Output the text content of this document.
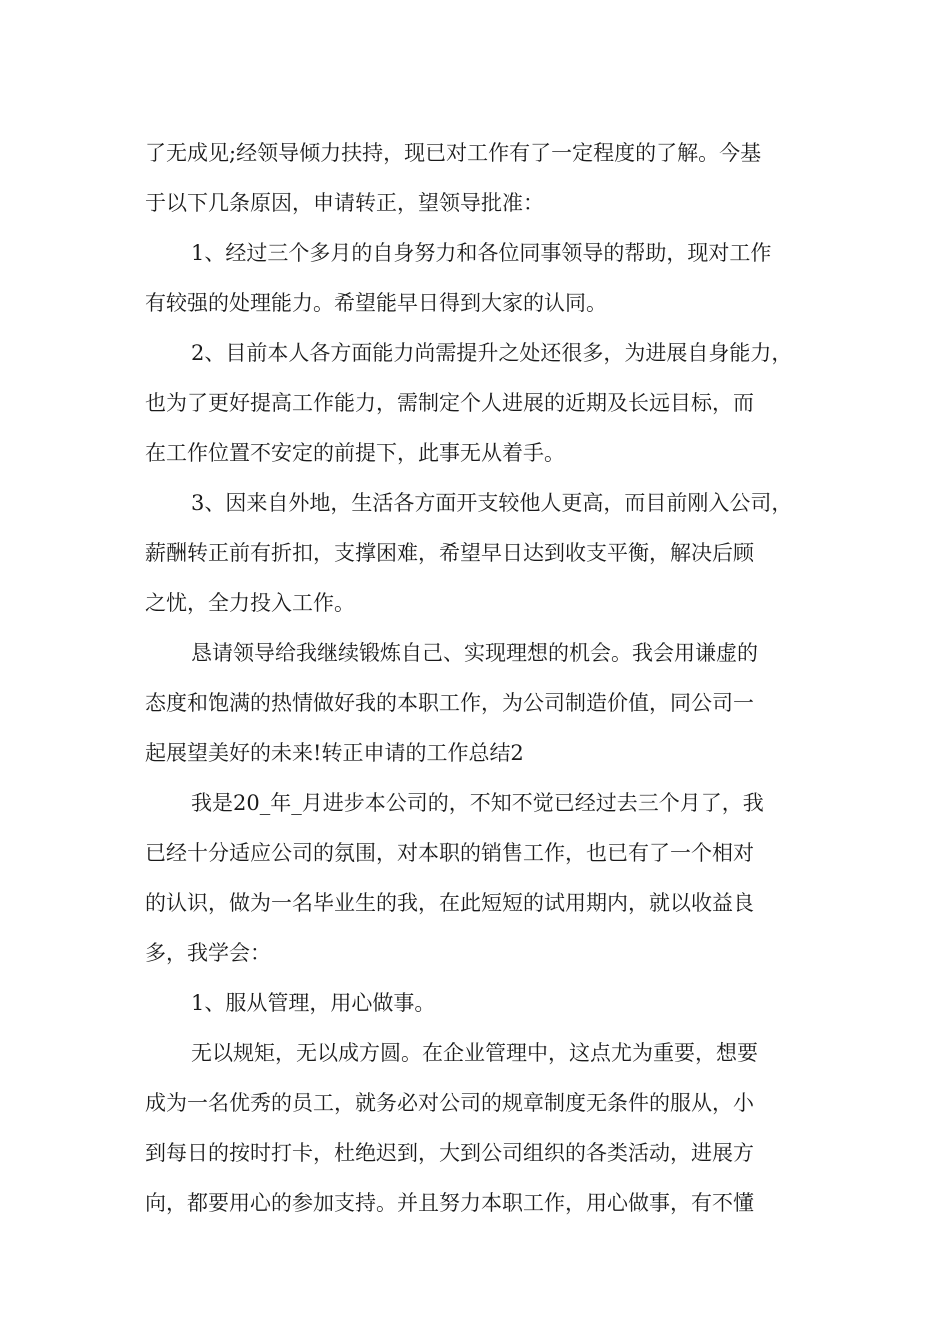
了无成见;经领导倾力扶持，现已对工作有了一定程度的了解。今基
于以下几条原因，申请转正，望领导批准：
1、经过三个多月的自身努力和各位同事领导的帮助，现对工作
有较强的处理能力。希望能早日得到大家的认同。
2、目前本人各方面能力尚需提升之处还很多，为进展自身能力，
也为了更好提高工作能力，需制定个人进展的近期及长远目标，而
在工作位置不安定的前提下，此事无从着手。
3、因来自外地，生活各方面开支较他人更高，而目前刚入公司，
薪酬转正前有折扣，支撑困难，希望早日达到收支平衡，解决后顾
之忧，全力投入工作。
恳请领导给我继续锻炼自己、实现理想的机会。我会用谦虚的
态度和饱满的热情做好我的本职工作，为公司制造价值，同公司一
起展望美好的未来!转正申请的工作总结2
我是20_年_月进步本公司的，不知不觉已经过去三个月了，我
已经十分适应公司的氛围，对本职的销售工作，也已有了一个相对
的认识，做为一名毕业生的我，在此短短的试用期内，就以收益良
多，我学会：
1、服从管理，用心做事。
无以规矩，无以成方圆。在企业管理中，这点尤为重要，想要
成为一名优秀的员工，就务必对公司的规章制度无条件的服从，小
到每日的按时打卡，杜绝迟到，大到公司组织的各类活动，进展方
向，都要用心的参加支持。并且努力本职工作，用心做事，有不懂
